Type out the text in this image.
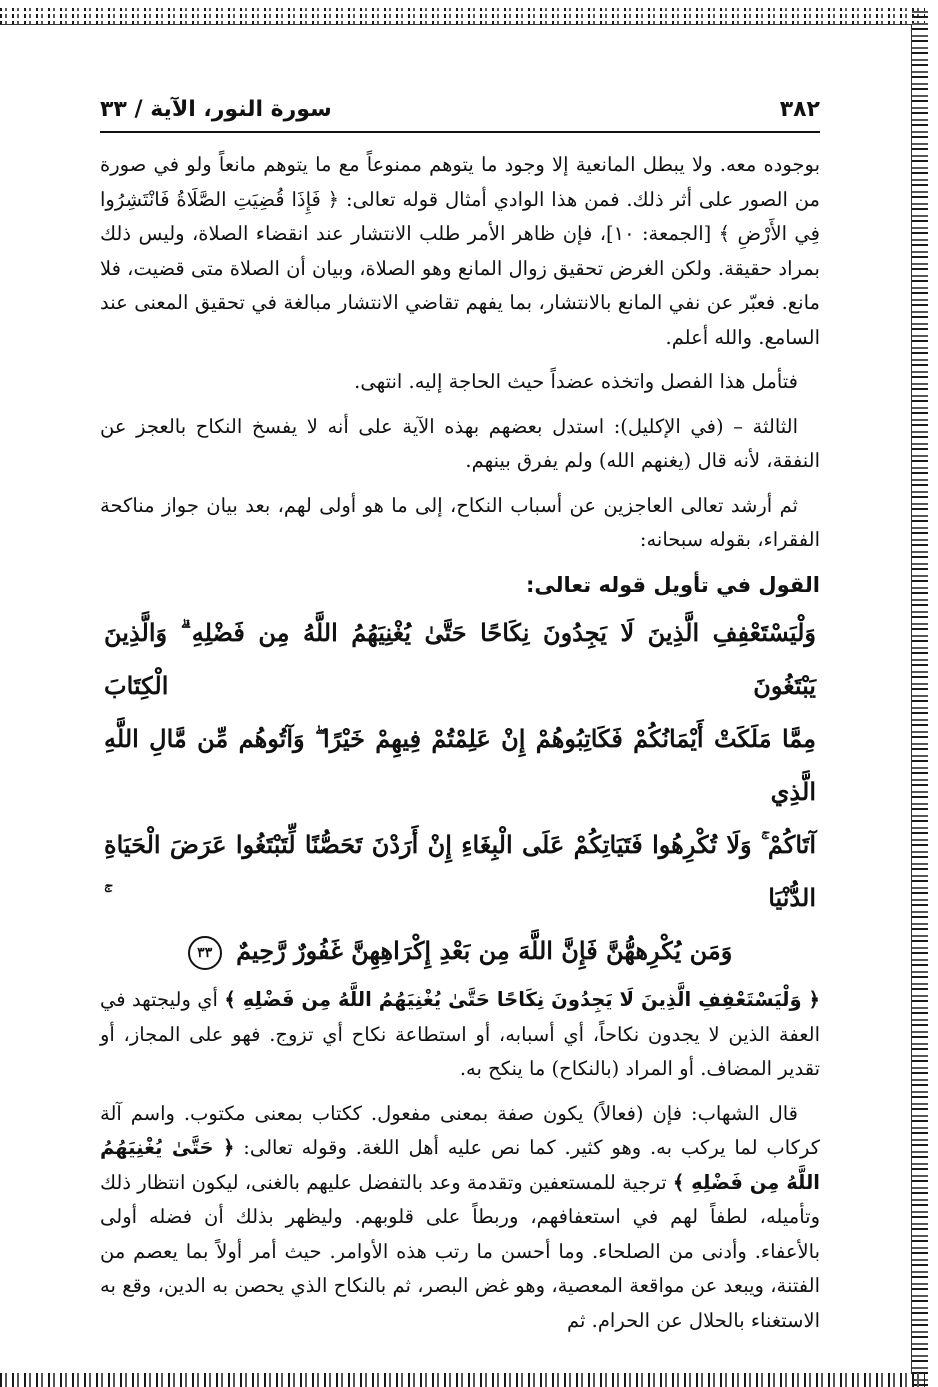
٣٨٢
سورة النور، الآية / ٣٣

بوجوده معه. ولا يبطل المانعية إلا وجود ما يتوهم ممنوعاً مع ما يتوهم مانعاً ولو في صورة من الصور على أثر ذلك. فمن هذا الوادي أمثال قوله تعالى: ﴿ فَإِذَا قُضِيَتِ الصَّلَاةُ فَانْتَشِرُوا فِي الأَرْضِ ﴾ [الجمعة: ١٠]، فإن ظاهر الأمر طلب الانتشار عند انقضاء الصلاة، وليس ذلك بمراد حقيقة. ولكن الغرض تحقيق زوال المانع وهو الصلاة، وبيان أن الصلاة متى قضيت، فلا مانع. فعبّر عن نفي المانع بالانتشار، بما يفهم تقاضي الانتشار مبالغة في تحقيق المعنى عند السامع. والله أعلم.

فتأمل هذا الفصل واتخذه عضداً حيث الحاجة إليه. انتهى.

الثالثة – (في الإكليل): استدل بعضهم بهذه الآية على أنه لا يفسخ النكاح بالعجز عن النفقة، لأنه قال (يغنهم الله) ولم يفرق بينهم.

ثم أرشد تعالى العاجزين عن أسباب النكاح، إلى ما هو أولى لهم، بعد بيان جواز مناكحة الفقراء، بقوله سبحانه:

القول في تأويل قوله تعالى:
وَلْيَسْتَعْفِفِ الَّذِينَ لَا يَجِدُونَ نِكَاحًا حَتَّىٰ يُغْنِيَهُمُ اللَّهُ مِن فَضْلِهِ ۗ وَالَّذِينَ يَبْتَغُونَ الْكِتَابَ
مِمَّا مَلَكَتْ أَيْمَانُكُمْ فَكَاتِبُوهُمْ إِنْ عَلِمْتُمْ فِيهِمْ خَيْرًا ۖ وَآتُوهُم مِّن مَّالِ اللَّهِ الَّذِي
آتَاكُمْ ۚ وَلَا تُكْرِهُوا فَتَيَاتِكُمْ عَلَى الْبِغَاءِ إِنْ أَرَدْنَ تَحَصُّنًا لِّتَبْتَغُوا عَرَضَ الْحَيَاةِ الدُّنْيَا ۚ
وَمَن يُكْرِههُّنَّ فَإِنَّ اللَّهَ مِن بَعْدِ إِكْرَاهِهِنَّ غَفُورٌ رَّحِيمٌ ٣٣

﴿ وَلْيَسْتَعْفِفِ الَّذِينَ لَا يَجِدُونَ نِكَاحًا حَتَّىٰ يُغْنِيَهُمُ اللَّهُ مِن فَضْلِهِ ﴾ أي وليجتهد في العفة الذين لا يجدون نكاحاً، أي أسبابه، أو استطاعة نكاح أي تزوج. فهو على المجاز، أو تقدير المضاف. أو المراد (بالنكاح) ما ينكح به.

قال الشهاب: فإن (فعالاً) يكون صفة بمعنى مفعول. ككتاب بمعنى مكتوب. واسم آلة كركاب لما يركب به. وهو كثير. كما نص عليه أهل اللغة. وقوله تعالى: ﴿ حَتَّىٰ يُغْنِيَهُمُ اللَّهُ مِن فَضْلِهِ ﴾ ترجية للمستعفين وتقدمة وعد بالتفضل عليهم بالغنى، ليكون انتظار ذلك وتأميله، لطفاً لهم في استعفافهم، وربطاً على قلوبهم. وليظهر بذلك أن فضله أولى بالأعفاء. وأدنى من الصلحاء. وما أحسن ما رتب هذه الأوامر. حيث أمر أولاً بما يعصم من الفتنة، ويبعد عن مواقعة المعصية، وهو غض البصر، ثم بالنكاح الذي يحصن به الدين، وقع به الاستغناء بالحلال عن الحرام. ثم
